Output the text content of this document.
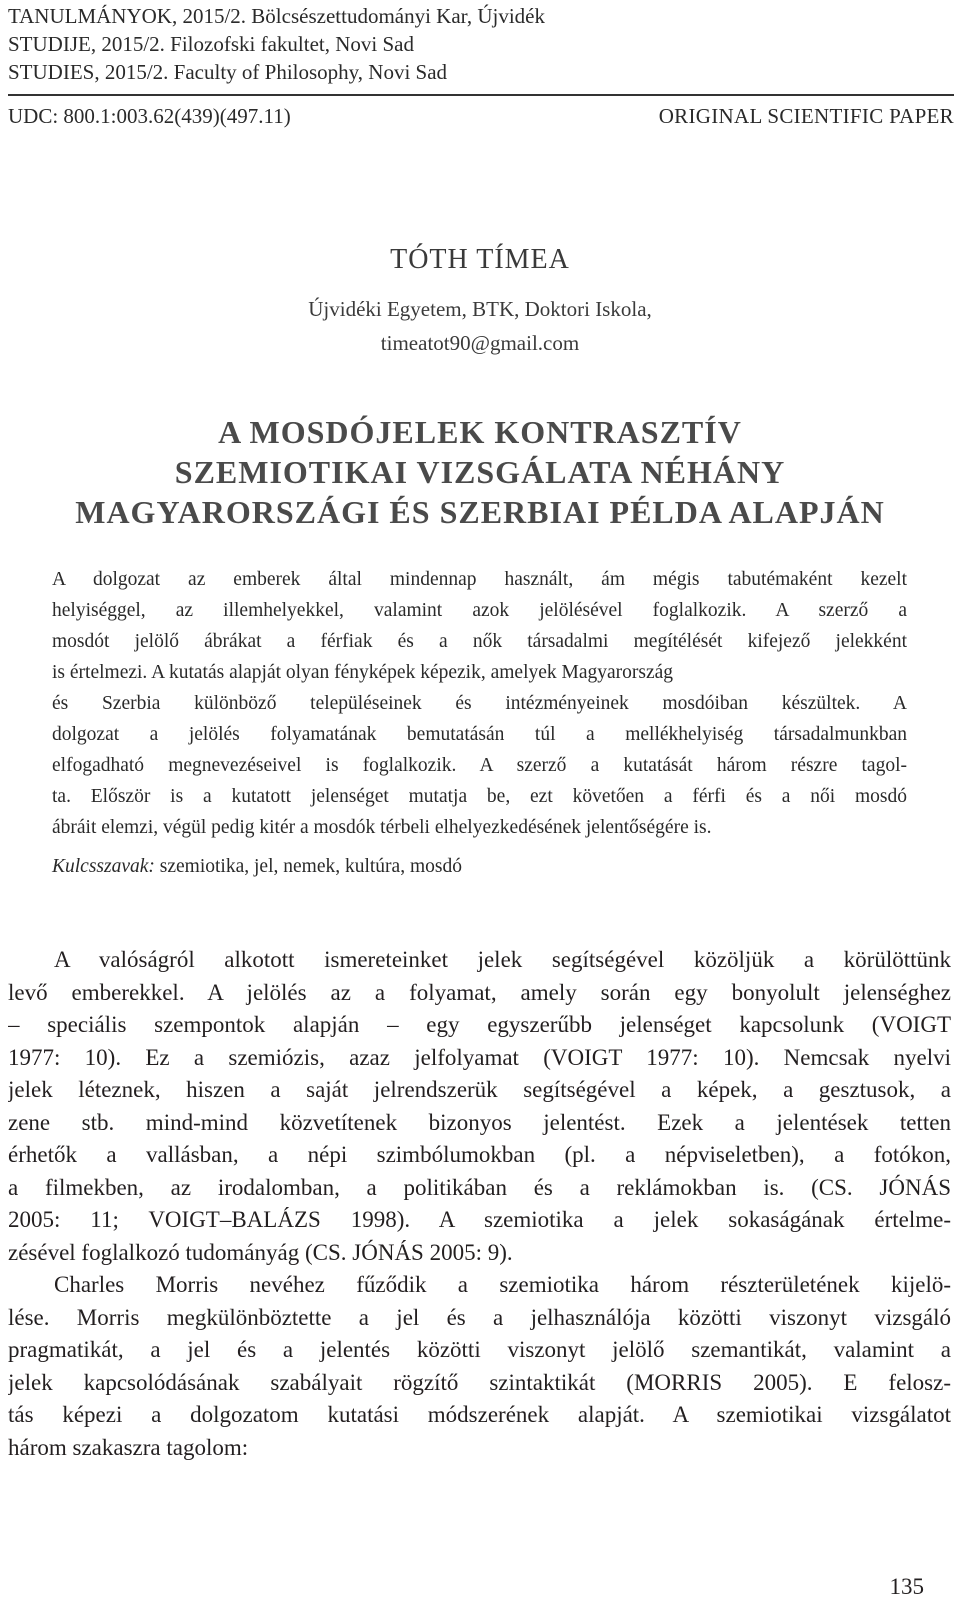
TANULMÁNYOK, 2015/2. Bölcsészettudományi Kar, Újvidék
STUDIJE, 2015/2. Filozofski fakultet, Novi Sad
STUDIES, 2015/2. Faculty of Philosophy, Novi Sad
UDC: 800.1:003.62(439)(497.11)	ORIGINAL SCIENTIFIC PAPER
TÓTH TÍMEA
Újvidéki Egyetem, BTK, Doktori Iskola,
timeatot90@gmail.com
A MOSDÓJELEK KONTRASZTÍV
SZEMIOTIKAI VIZSGÁLATA NÉHÁNY
MAGYARORSZÁGI ÉS SZERBIAI PÉLDA ALAPJÁN
A dolgozat az emberek által mindennap használt, ám mégis tabutémaként kezelt
helyiséggel, az illemhelyekkel, valamint azok jelölésével foglalkozik. A szerző a
mosdót jelölő ábrákat a férfiak és a nők társadalmi megítélését kifejező jelekként
is értelmezi. A kutatás alapját olyan fényképek képezik, amelyek Magyarország
és Szerbia különböző településeinek és intézményeinek mosdóiban készültek. A
dolgozat a jelölés folyamatának bemutatásán túl a mellékhelyiség társadalmunkban
elfogadható megnevezéseivel is foglalkozik. A szerző a kutatását három részre tagol-
ta. Először is a kutatott jelenséget mutatja be, ezt követően a férfi és a női mosdó
ábráit elemzi, végül pedig kitér a mosdók térbeli elhelyezkedésének jelentőségére is.
Kulcsszavak: szemiotika, jel, nemek, kultúra, mosdó
A valóságról alkotott ismereteinket jelek segítségével közöljük a körülöttünk
levő emberekkel. A jelölés az a folyamat, amely során egy bonyolult jelenséghez
– speciális szempontok alapján – egy egyszerűbb jelenséget kapcsolunk (VOIGT
1977: 10). Ez a szemiózis, azaz jelfolyamat (VOIGT 1977: 10). Nemcsak nyelvi
jelek léteznek, hiszen a saját jelrendszerük segítségével a képek, a gesztusok, a
zene stb. mind-mind közvetítenek bizonyos jelentést. Ezek a jelentések tetten
érhetők a vallásban, a népi szimbólumokban (pl. a népviseletben), a fotókon,
a filmekben, az irodalomban, a politikában és a reklámokban is. (CS. JÓNÁS
2005: 11; VOIGT–BALÁZS 1998). A szemiotika a jelek sokaságának értelme-
zésével foglalkozó tudományág (CS. JÓNÁS 2005: 9).
Charles Morris nevéhez fűződik a szemiotika három részterületének kijelö-
lése. Morris megkülönböztette a jel és a jelhasználója közötti viszonyt vizsgáló
pragmatikát, a jel és a jelentés közötti viszonyt jelölő szemantikát, valamint a
jelek kapcsolódásának szabályait rögzítő szintaktikát (MORRIS 2005). E felosz-
tás képezi a dolgozatom kutatási módszerének alapját. A szemiotikai vizsgálatot
három szakaszra tagolom:
135
